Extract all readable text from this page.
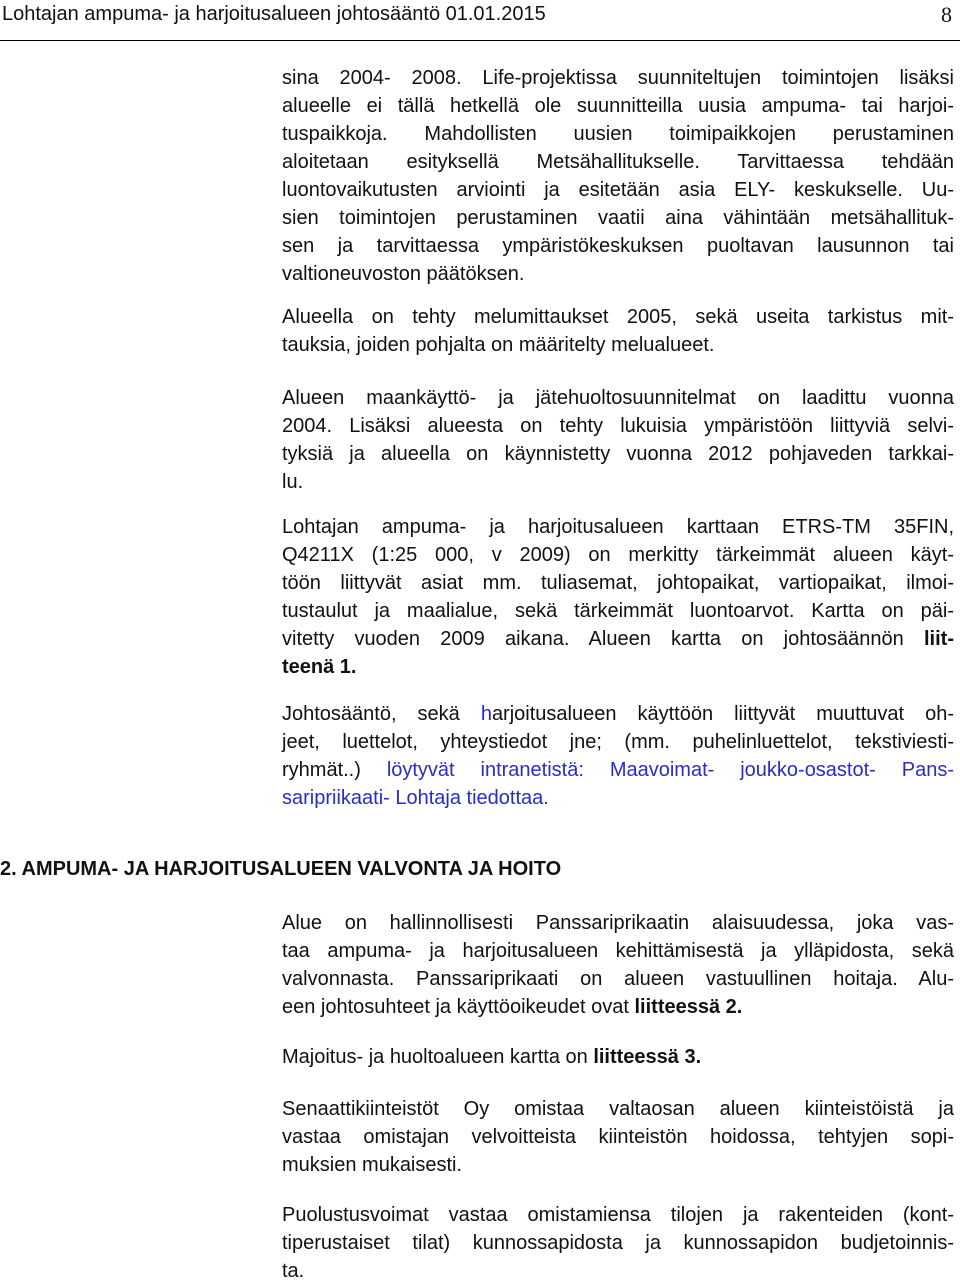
Lohtajan ampuma- ja harjoitusalueen johtosääntö 01.01.2015	8

sina 2004- 2008. Life-projektissa suunniteltujen toimintojen lisäksi

alueelle ei tällä hetkellä ole suunnitteilla uusia ampuma- tai harjoi-

tuspaikkoja. Mahdollisten uusien toimipaikkojen perustaminen

aloitetaan esityksellä Metsähallitukselle. Tarvittaessa tehdään

luontovaikutusten arviointi ja esitetään asia ELY- keskukselle. Uu-

sien toimintojen perustaminen vaatii aina vähintään metsähallituk-

sen ja tarvittaessa ympäristökeskuksen puoltavan lausunnon tai

valtioneuvoston päätöksen.

Alueella on tehty melumittaukset 2005, sekä useita tarkistus mit-

tauksia, joiden pohjalta on määritelty melualueet.

Alueen maankäyttö- ja jätehuoltosuunnitelmat on laadittu vuonna

2004. Lisäksi alueesta on tehty lukuisia ympäristöön liittyviä selvi-

tyksiä ja alueella on käynnistetty vuonna 2012 pohjaveden tarkkai-

lu.

Lohtajan ampuma- ja harjoitusalueen karttaan ETRS-TM 35FIN,

Q4211X (1:25 000, v 2009) on merkitty tärkeimmät alueen käyt-

töön liittyvät asiat mm. tuliasemat, johtopaikat, vartiopaikat, ilmoi-

tustaulut ja maalialue, sekä tärkeimmät luontoarvot. Kartta on päi-

vitetty vuoden 2009 aikana. Alueen kartta on johtosäännön liit-

teenä 1.

Johtosääntö, sekä harjoitusalueen käyttöön liittyvät muuttuvat oh-

jeet, luettelot, yhteystiedot jne; (mm. puhelinluettelot, tekstiviesti-

ryhmät..) löytyvät intranetistä: Maavoimat- joukko-osastot- Pans-

saripriikaati- Lohtaja tiedottaa.

2. AMPUMA- JA HARJOITUSALUEEN VALVONTA JA HOITO

Alue on hallinnollisesti Panssariprikaatin alaisuudessa, joka vas-

taa ampuma- ja harjoitusalueen kehittämisestä ja ylläpidosta, sekä

valvonnasta. Panssariprikaati on alueen vastuullinen hoitaja. Alu-

een johtosuhteet ja käyttöoikeudet ovat liitteessä 2.

Majoitus- ja huoltoalueen kartta on liitteessä 3.

Senaattikiinteistöt Oy omistaa valtaosan alueen kiinteistöistä ja

vastaa omistajan velvoitteista kiinteistön hoidossa, tehtyjen sopi-

muksien mukaisesti.

Puolustusvoimat vastaa omistamiensa tilojen ja rakenteiden (kont-

tiperustaiset tilat) kunnossapidosta ja kunnossapidon budjetoinnis-

ta.
